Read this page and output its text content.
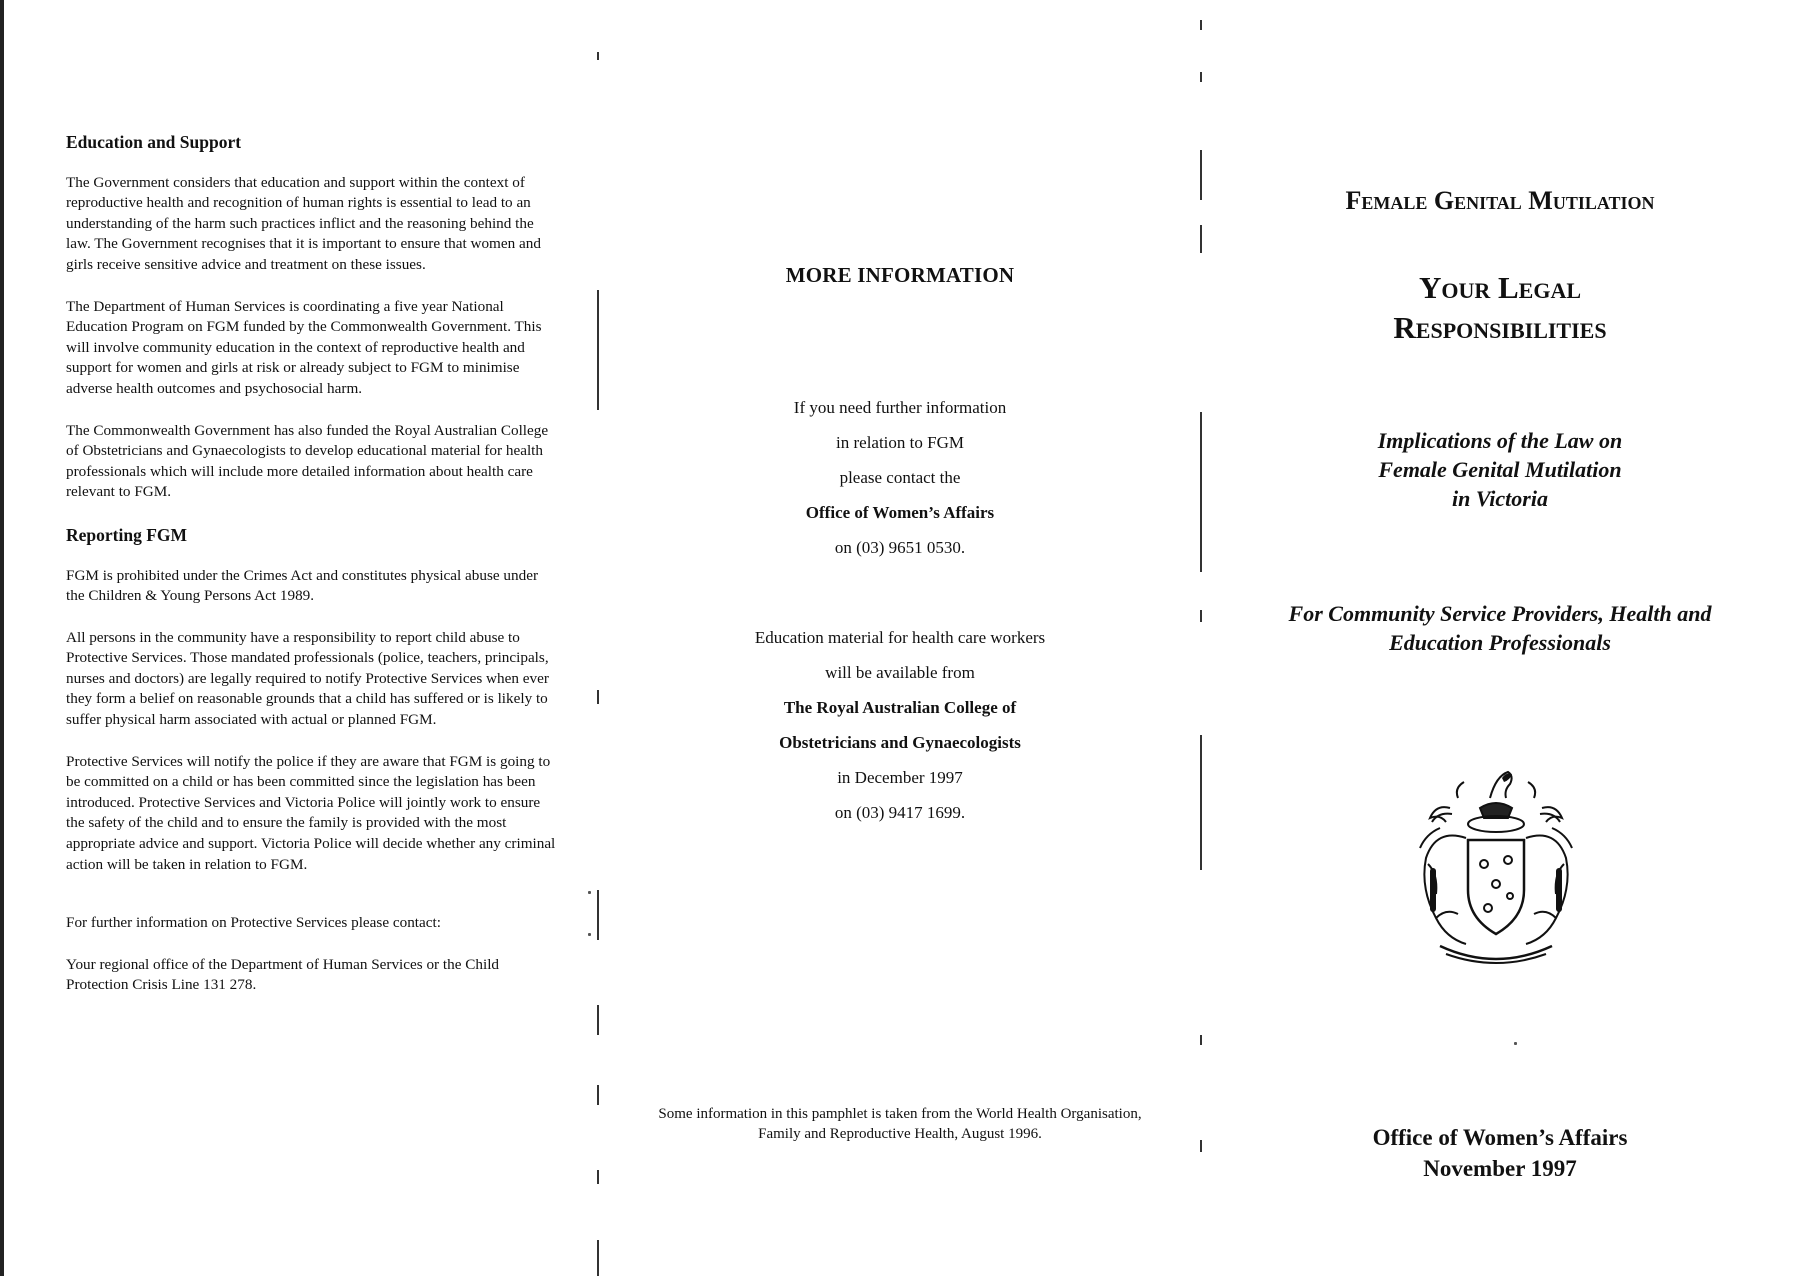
Education and Support

The Government considers that education and support within the context of reproductive health and recognition of human rights is essential to lead to an understanding of the harm such practices inflict and the reasoning behind the law. The Government recognises that it is important to ensure that women and girls receive sensitive advice and treatment on these issues.

The Department of Human Services is coordinating a five year National Education Program on FGM funded by the Commonwealth Government. This will involve community education in the context of reproductive health and support for women and girls at risk or already subject to FGM to minimise adverse health outcomes and psychosocial harm.

The Commonwealth Government has also funded the Royal Australian College of Obstetricians and Gynaecologists to develop educational material for health professionals which will include more detailed information about health care relevant to FGM.

Reporting FGM

FGM is prohibited under the Crimes Act and constitutes physical abuse under the Children & Young Persons Act 1989.

All persons in the community have a responsibility to report child abuse to Protective Services. Those mandated professionals (police, teachers, principals, nurses and doctors) are legally required to notify Protective Services when ever they form a belief on reasonable grounds that a child has suffered or is likely to suffer physical harm associated with actual or planned FGM.

Protective Services will notify the police if they are aware that FGM is going to be committed on a child or has been committed since the legislation has been introduced. Protective Services and Victoria Police will jointly work to ensure the safety of the child and to ensure the family is provided with the most appropriate advice and support. Victoria Police will decide whether any criminal action will be taken in relation to FGM.

For further information on Protective Services please contact:

Your regional office of the Department of Human Services or the Child Protection Crisis Line 131 278.

MORE INFORMATION
If you need further information
in relation to FGM
please contact the
Office of Women’s Affairs
on (03) 9651 0530.
Education material for health care workers
will be available from
The Royal Australian College of
Obstetricians and Gynaecologists
in December 1997
on (03) 9417 1699.
Some information in this pamphlet is taken from the World Health Organisation, Family and Reproductive Health, August 1996.
Female Genital Mutilation
Your Legal
Responsibilities
Implications of the Law on
Female Genital Mutilation
in Victoria
For Community Service Providers, Health and
Education Professionals
Office of Women’s Affairs
November 1997
